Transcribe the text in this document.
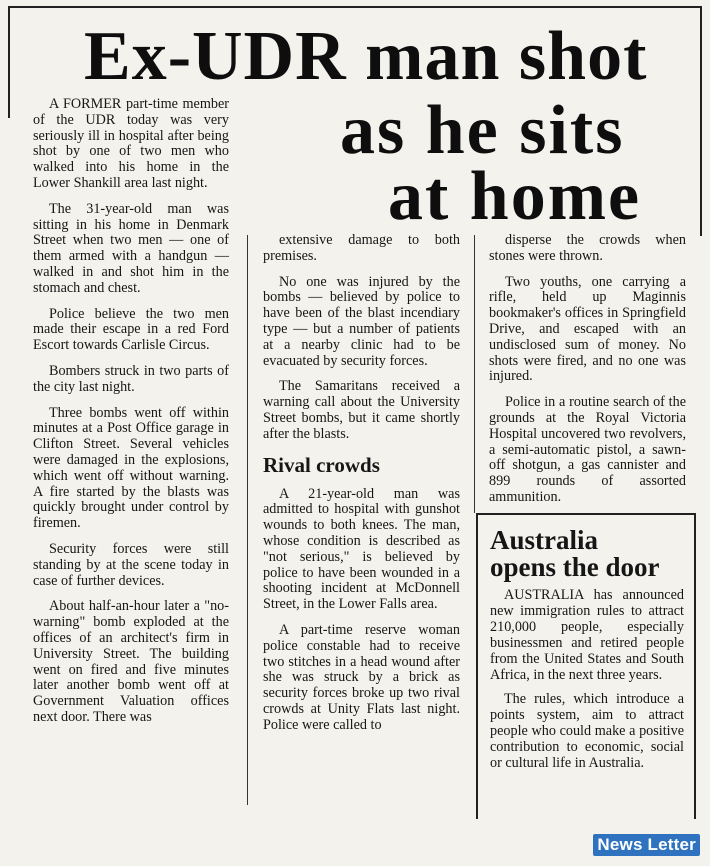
Ex-UDR man shot
as he sits
at home

A FORMER part-time member of the UDR today was very seriously ill in hospital after being shot by one of two men who walked into his home in the Lower Shankill area last night.

The 31-year-old man was sitting in his home in Denmark Street when two men — one of them armed with a handgun — walked in and shot him in the stomach and chest.

Police believe the two men made their escape in a red Ford Escort towards Carlisle Circus.

Bombers struck in two parts of the city last night.

Three bombs went off within minutes at a Post Office garage in Clifton Street. Several vehicles were damaged in the explosions, which went off without warning. A fire started by the blasts was quickly brought under control by firemen.

Security forces were still standing by at the scene today in case of further devices.

About half-an-hour later a "no-warning" bomb exploded at the offices of an architect's firm in University Street. The building went on fired and five minutes later another bomb went off at Government Valuation offices next door. There was

extensive damage to both premises.

No one was injured by the bombs — believed by police to have been of the blast incendiary type — but a number of patients at a nearby clinic had to be evacuated by security forces.

The Samaritans received a warning call about the University Street bombs, but it came shortly after the blasts.

Rival crowds

A 21-year-old man was admitted to hospital with gunshot wounds to both knees. The man, whose condition is described as "not serious," is believed by police to have been wounded in a shooting incident at McDonnell Street, in the Lower Falls area.

A part-time reserve woman police constable had to receive two stitches in a head wound after she was struck by a brick as security forces broke up two rival crowds at Unity Flats last night. Police were called to

disperse the crowds when stones were thrown.

Two youths, one carrying a rifle, held up Maginnis bookmaker's offices in Springfield Drive, and escaped with an undisclosed sum of money. No shots were fired, and no one was injured.

Police in a routine search of the grounds at the Royal Victoria Hospital uncovered two revolvers, a semi-automatic pistol, a sawn-off shotgun, a gas cannister and 899 rounds of assorted ammunition.

Australia
opens the door

AUSTRALIA has announced new immigration rules to attract 210,000 people, especially businessmen and retired people from the United States and South Africa, in the next three years.

The rules, which introduce a points system, aim to attract people who could make a positive contribution to economic, social or cultural life in Australia.

News Letter
